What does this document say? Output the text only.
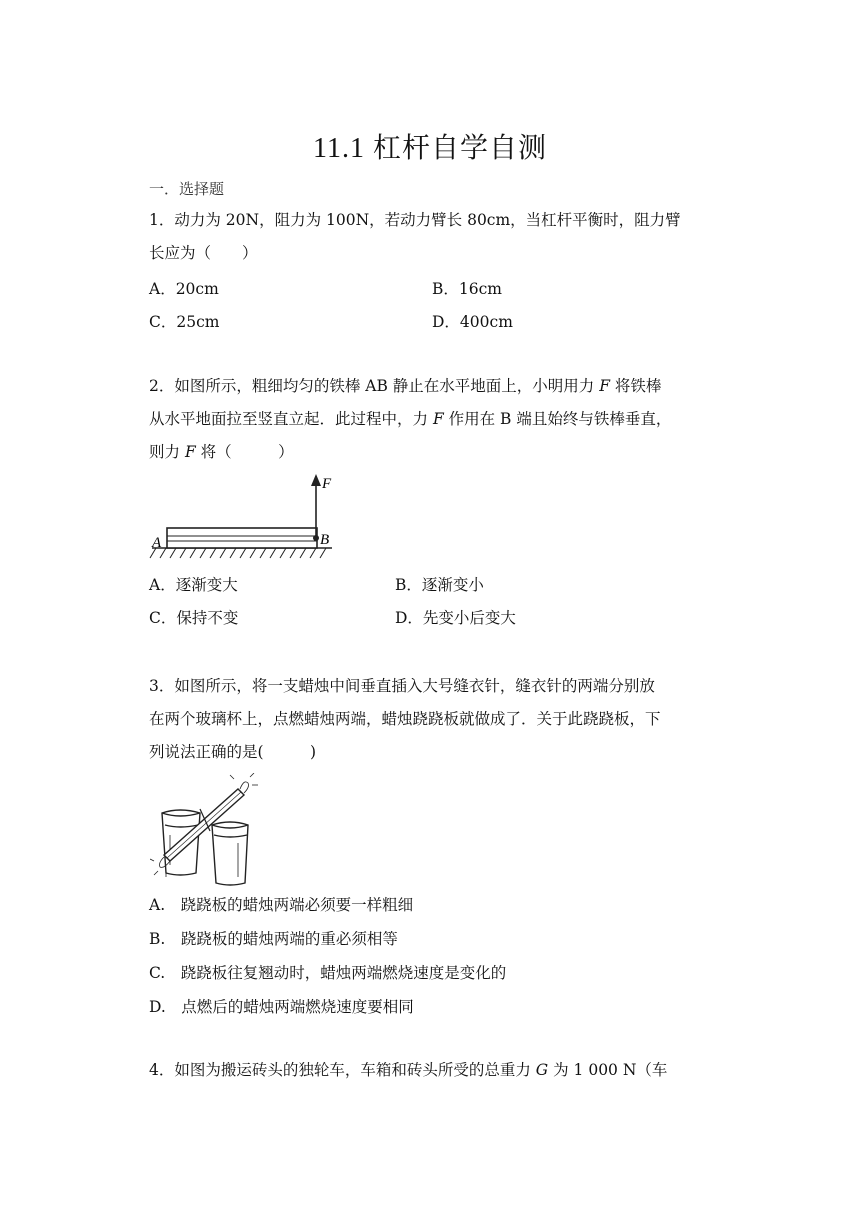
11.1 杠杆自学自测
一．选择题
1．动力为 20N，阻力为 100N，若动力臂长 80cm，当杠杆平衡时，阻力臂
长应为（　　）
A．20cm	B．16cm
C．25cm	D．400cm
2．如图所示，粗细均匀的铁棒 AB 静止在水平地面上，小明用力 F 将铁棒
从水平地面拉至竖直立起．此过程中，力 F 作用在 B 端且始终与铁棒垂直，
则力 F 将（　　　）
F
A	B
A．逐渐变大	B．逐渐变小
C．保持不变	D．先变小后变大
3．如图所示，将一支蜡烛中间垂直插入大号缝衣针，缝衣针的两端分别放
在两个玻璃杯上，点燃蜡烛两端，蜡烛跷跷板就做成了．关于此跷跷板，下
列说法正确的是(　　　)
A.　跷跷板的蜡烛两端必须要一样粗细
B.　跷跷板的蜡烛两端的重必须相等
C.　跷跷板往复翘动时，蜡烛两端燃烧速度是变化的
D.　点燃后的蜡烛两端燃烧速度要相同
4．如图为搬运砖头的独轮车，车箱和砖头所受的总重力 G 为 1 000 N（车
